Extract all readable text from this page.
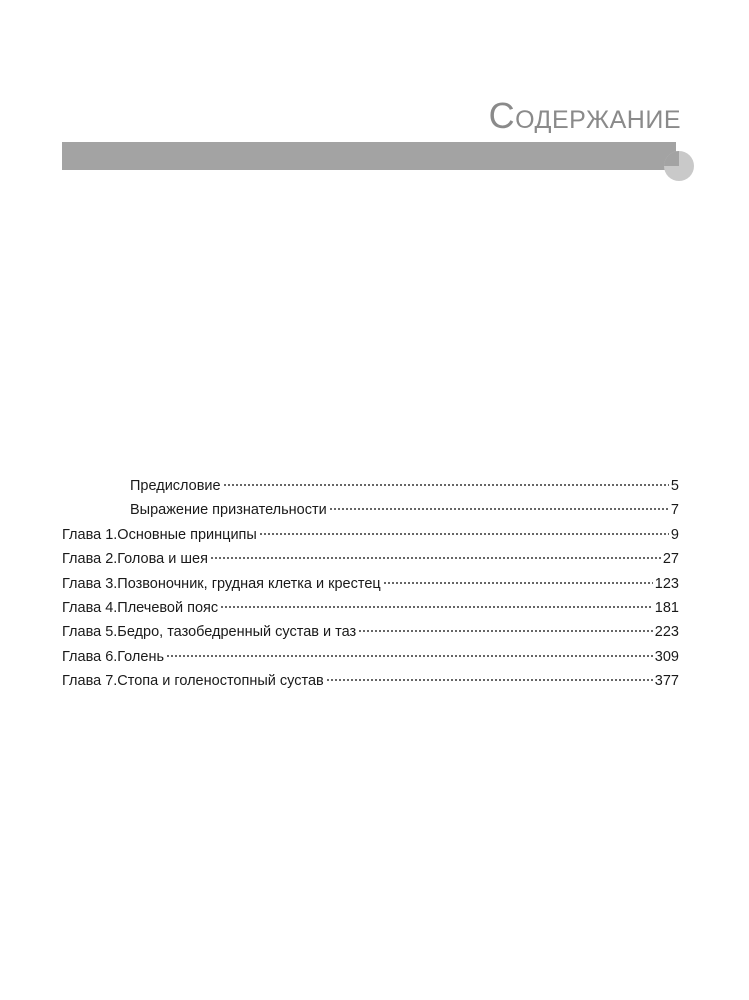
Содержание
Предисловие	5
Выражение признательности	7
Глава 1. Основные принципы	9
Глава 2. Голова и шея	27
Глава 3. Позвоночник, грудная клетка и крестец	123
Глава 4. Плечевой пояс	181
Глава 5. Бедро, тазобедренный сустав и таз	223
Глава 6. Голень	309
Глава 7. Стопа и голеностопный сустав	377
